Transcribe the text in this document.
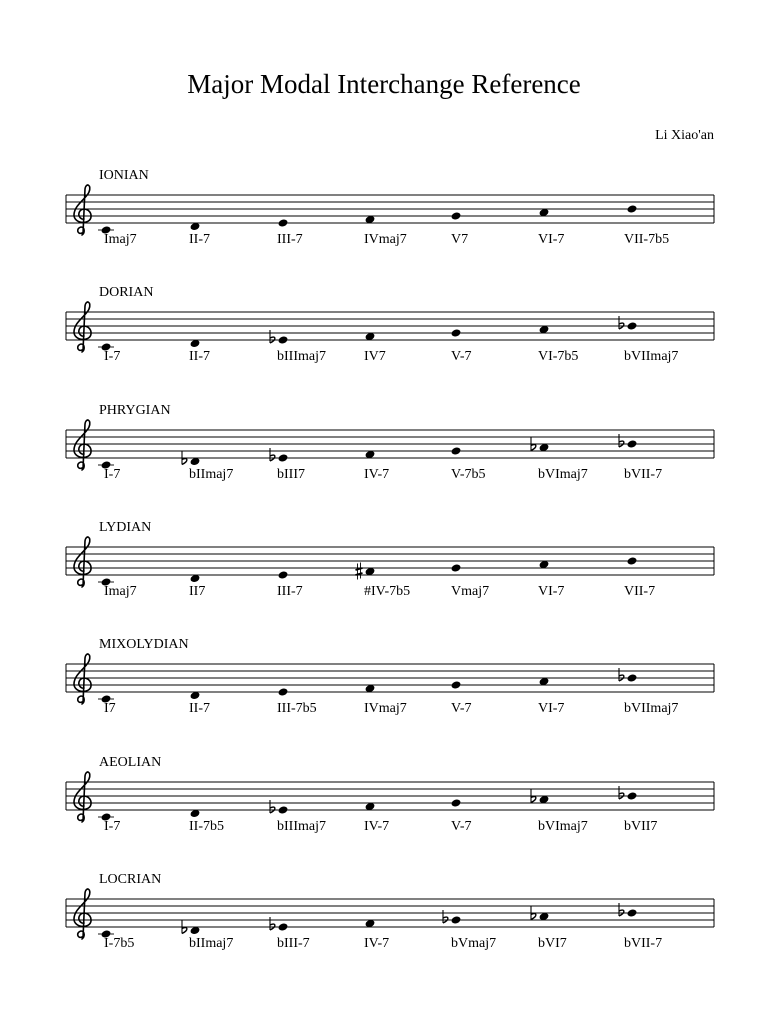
Major Modal Interchange Reference
Li Xiao'an
IONIAN
Imaj7	II-7	III-7	IVmaj7	V7	VI-7	VII-7b5
DORIAN
I-7	II-7	bIIImaj7	IV7	V-7	VI-7b5	bVIImaj7
PHRYGIAN
I-7	bIImaj7	bIII7	IV-7	V-7b5	bVImaj7	bVII-7
LYDIAN
Imaj7	II7	III-7	#IV-7b5	Vmaj7	VI-7	VII-7
MIXOLYDIAN
I7	II-7	III-7b5	IVmaj7	V-7	VI-7	bVIImaj7
AEOLIAN
I-7	II-7b5	bIIImaj7	IV-7	V-7	bVImaj7	bVII7
LOCRIAN
I-7b5	bIImaj7	bIII-7	IV-7	bVmaj7	bVI7	bVII-7
